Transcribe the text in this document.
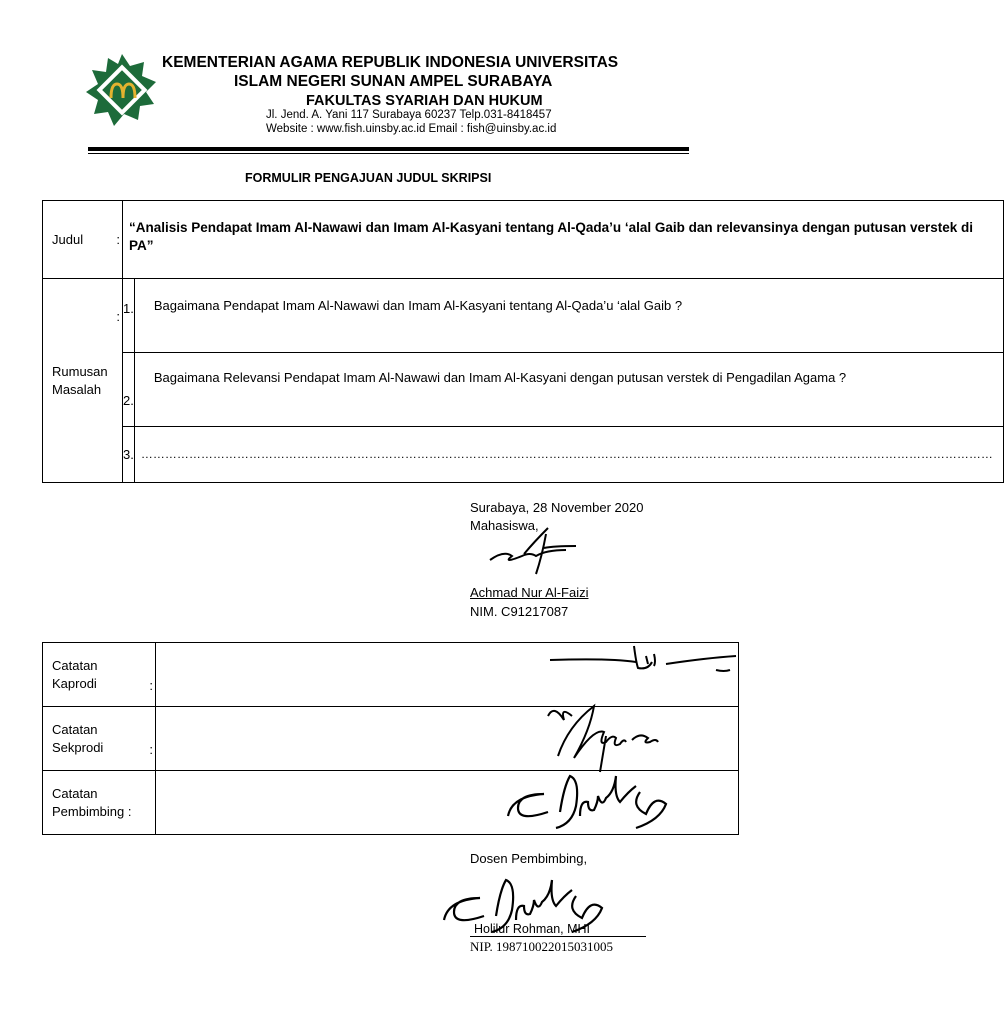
KEMENTERIAN AGAMA REPUBLIK INDONESIA UNIVERSITAS
ISLAM NEGERI SUNAN AMPEL SURABAYA
FAKULTAS SYARIAH DAN HUKUM
Jl. Jend. A. Yani 117 Surabaya 60237 Telp.031-8418457
Website : www.fish.uinsby.ac.id Email : fish@uinsby.ac.id
FORMULIR PENGAJUAN JUDUL SKRIPSI
Judul :	“Analisis Pendapat Imam Al-Nawawi dan Imam Al-Kasyani tentang Al-Qada’u ‘alal Gaib dan relevansinya dengan putusan verstek di PA”	
Rumusan Masalah
:	1.	Bagaimana Pendapat Imam Al-Nawawi dan Imam Al-Kasyani tentang Al-Qada’u ‘alal Gaib ?
	2.	Bagaimana Relevansi Pendapat Imam Al-Nawawi dan Imam Al-Kasyani dengan putusan verstek di Pengadilan Agama ?
	3.	……………………………………………………………………………………………………………………………………………………………………………………………
Surabaya, 28 November 2020
Mahasiswa,
Achmad Nur Al-Faizi
NIM. C91217087
Catatan
Kaprodi :	

Catatan
Sekprodi :	

Catatan
Pembimbing :	

Dosen Pembimbing,
Holilur Rohman, MHI
NIP. 198710022015031005
